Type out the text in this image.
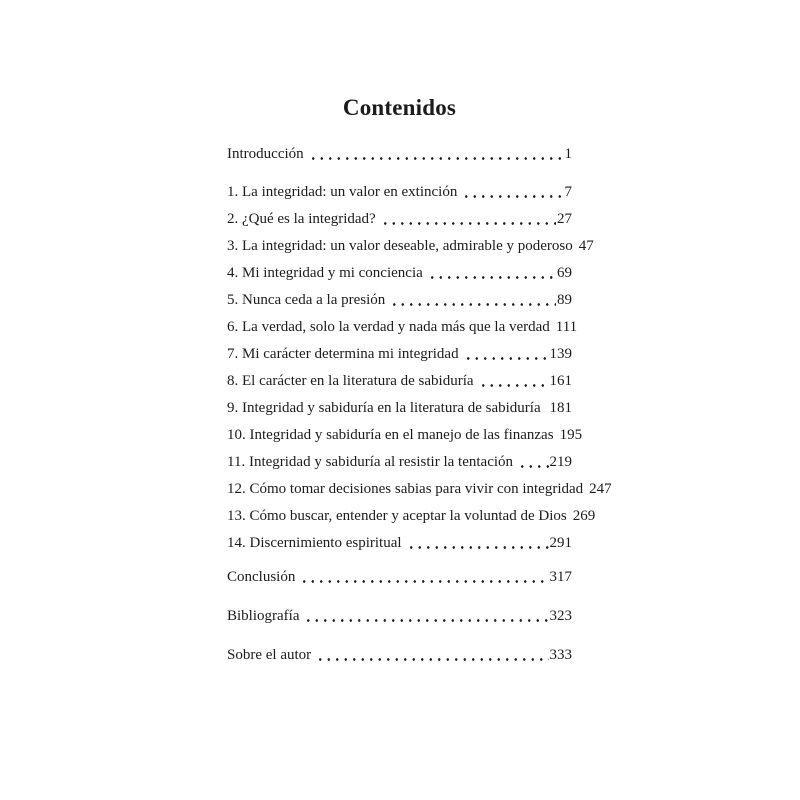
Contenidos
Introducción	1
1. La integridad: un valor en extinción	7
2. ¿Qué es la integridad?	27
3. La integridad: un valor deseable, admirable y poderoso 47
4. Mi integridad y mi conciencia	69
5. Nunca ceda a la presión	89
6. La verdad, solo la verdad y nada más que la verdad 111
7. Mi carácter determina mi integridad	139
8. El carácter en la literatura de sabiduría	161
9. Integridad y sabiduría en la literatura de sabiduría 181
10. Integridad y sabiduría en el manejo de las finanzas 195
11. Integridad y sabiduría al resistir la tentación 219
12. Cómo tomar decisiones sabias para vivir con integridad 247
13. Cómo buscar, entender y aceptar la voluntad de Dios 269
14. Discernimiento espiritual	291
Conclusión	317
Bibliografía	323
Sobre el autor	333
